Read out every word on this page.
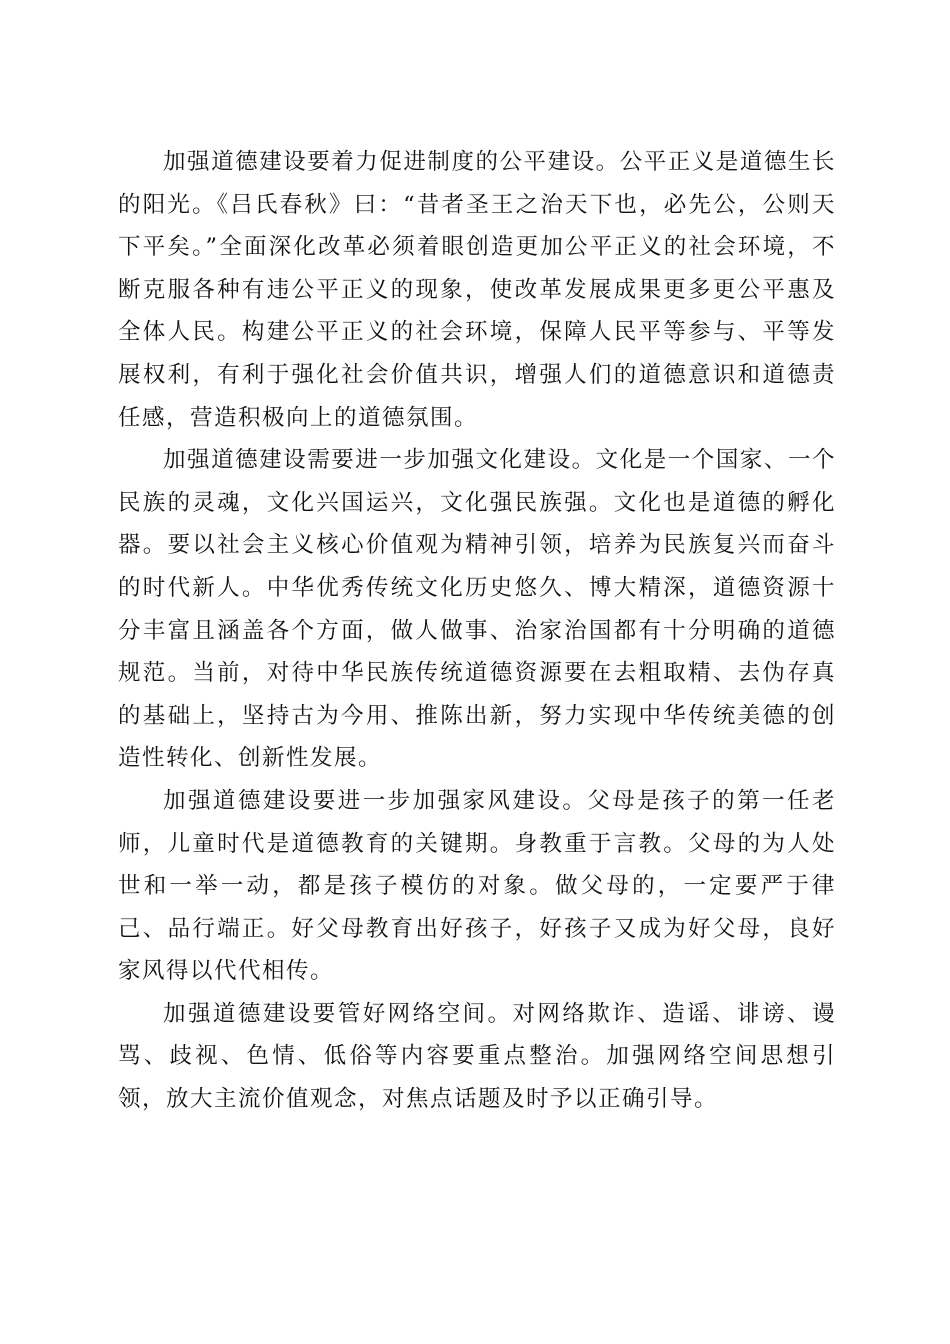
加强道德建设要着力促进制度的公平建设。公平正义是道德生长的阳光。《吕氏春秋》曰：“昔者圣王之治天下也，必先公，公则天下平矣。”全面深化改革必须着眼创造更加公平正义的社会环境，不断克服各种有违公平正义的现象，使改革发展成果更多更公平惠及全体人民。构建公平正义的社会环境，保障人民平等参与、平等发展权利，有利于强化社会价值共识，增强人们的道德意识和道德责任感，营造积极向上的道德氛围。

加强道德建设需要进一步加强文化建设。文化是一个国家、一个民族的灵魂，文化兴国运兴，文化强民族强。文化也是道德的孵化器。要以社会主义核心价值观为精神引领，培养为民族复兴而奋斗的时代新人。中华优秀传统文化历史悠久、博大精深，道德资源十分丰富且涵盖各个方面，做人做事、治家治国都有十分明确的道德规范。当前，对待中华民族传统道德资源要在去粗取精、去伪存真的基础上，坚持古为今用、推陈出新，努力实现中华传统美德的创造性转化、创新性发展。

加强道德建设要进一步加强家风建设。父母是孩子的第一任老师，儿童时代是道德教育的关键期。身教重于言教。父母的为人处世和一举一动，都是孩子模仿的对象。做父母的，一定要严于律己、品行端正。好父母教育出好孩子，好孩子又成为好父母，良好家风得以代代相传。

加强道德建设要管好网络空间。对网络欺诈、造谣、诽谤、谩骂、歧视、色情、低俗等内容要重点整治。加强网络空间思想引领，放大主流价值观念，对焦点话题及时予以正确引导。
